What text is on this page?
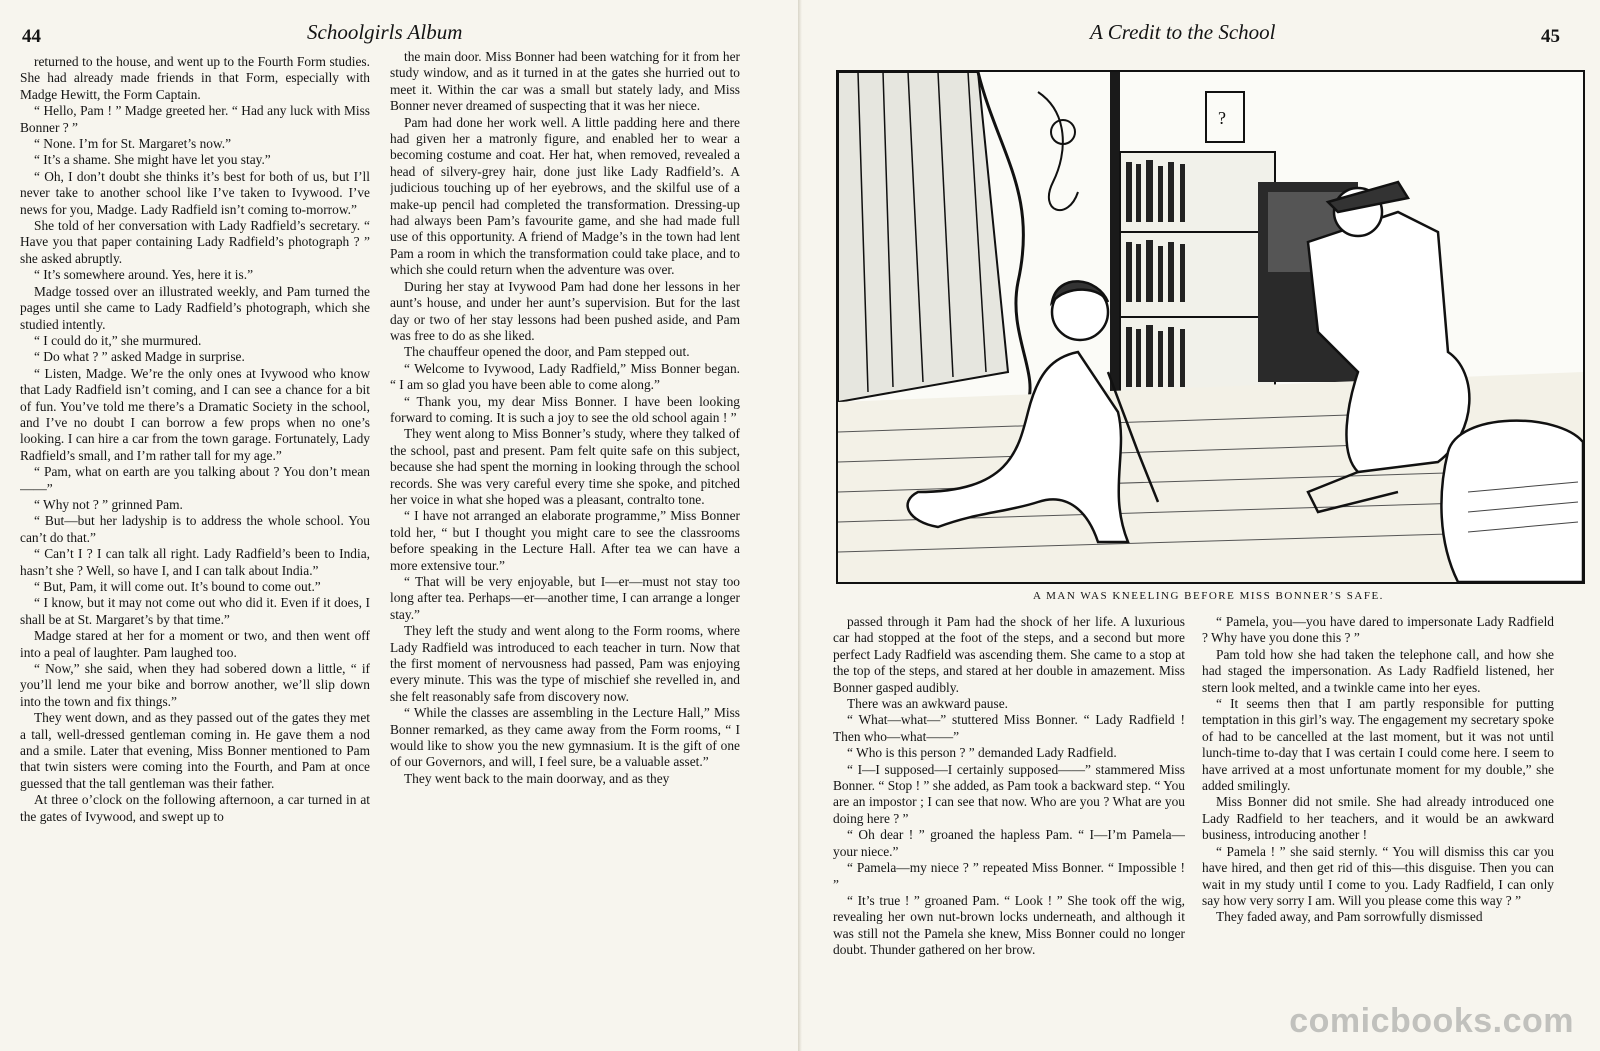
44	Schoolgirls Album

returned to the house, and went up to the Fourth Form studies. She had already made friends in that Form, especially with Madge Hewitt, the Form Captain.

“ Hello, Pam ! ” Madge greeted her. “ Had any luck with Miss Bonner ? ”

“ None. I’m for St. Margaret’s now.”

“ It’s a shame. She might have let you stay.”

“ Oh, I don’t doubt she thinks it’s best for both of us, but I’ll never take to another school like I’ve taken to Ivywood. I’ve news for you, Madge. Lady Radfield isn’t coming to-morrow.”

She told of her conversation with Lady Radfield’s secretary. “ Have you that paper containing Lady Radfield’s photograph ? ” she asked abruptly.

“ It’s somewhere around. Yes, here it is.”

Madge tossed over an illustrated weekly, and Pam turned the pages until she came to Lady Radfield’s photograph, which she studied intently.

“ I could do it,” she murmured.

“ Do what ? ” asked Madge in surprise.

“ Listen, Madge. We’re the only ones at Ivywood who know that Lady Radfield isn’t coming, and I can see a chance for a bit of fun. You’ve told me there’s a Dramatic Society in the school, and I’ve no doubt I can borrow a few props when no one’s looking. I can hire a car from the town garage. Fortunately, Lady Radfield’s small, and I’m rather tall for my age.”

“ Pam, what on earth are you talking about ? You don’t mean——”

“ Why not ? ” grinned Pam.

“ But—but her ladyship is to address the whole school. You can’t do that.”

“ Can’t I ? I can talk all right. Lady Radfield’s been to India, hasn’t she ? Well, so have I, and I can talk about India.”

“ But, Pam, it will come out. It’s bound to come out.”

“ I know, but it may not come out who did it. Even if it does, I shall be at St. Margaret’s by that time.”

Madge stared at her for a moment or two, and then went off into a peal of laughter. Pam laughed too.

“ Now,” she said, when they had sobered down a little, “ if you’ll lend me your bike and borrow another, we’ll slip down into the town and fix things.”

They went down, and as they passed out of the gates they met a tall, well-dressed gentleman coming in. He gave them a nod and a smile. Later that evening, Miss Bonner mentioned to Pam that twin sisters were coming into the Fourth, and Pam at once guessed that the tall gentleman was their father.

At three o’clock on the following afternoon, a car turned in at the gates of Ivywood, and swept up to

the main door. Miss Bonner had been watching for it from her study window, and as it turned in at the gates she hurried out to meet it. Within the car was a small but stately lady, and Miss Bonner never dreamed of suspecting that it was her niece.

Pam had done her work well. A little padding here and there had given her a matronly figure, and enabled her to wear a becoming costume and coat. Her hat, when removed, revealed a head of silvery-grey hair, done just like Lady Radfield’s. A judicious touching up of her eyebrows, and the skilful use of a make-up pencil had completed the transformation. Dressing-up had always been Pam’s favourite game, and she had made full use of this opportunity. A friend of Madge’s in the town had lent Pam a room in which the transformation could take place, and to which she could return when the adventure was over.

During her stay at Ivywood Pam had done her lessons in her aunt’s house, and under her aunt’s supervision. But for the last day or two of her stay lessons had been pushed aside, and Pam was free to do as she liked.

The chauffeur opened the door, and Pam stepped out.

“ Welcome to Ivywood, Lady Radfield,” Miss Bonner began. “ I am so glad you have been able to come along.”

“ Thank you, my dear Miss Bonner. I have been looking forward to coming. It is such a joy to see the old school again ! ”

They went along to Miss Bonner’s study, where they talked of the school, past and present. Pam felt quite safe on this subject, because she had spent the morning in looking through the school records. She was very careful every time she spoke, and pitched her voice in what she hoped was a pleasant, contralto tone.

“ I have not arranged an elaborate programme,” Miss Bonner told her, “ but I thought you might care to see the classrooms before speaking in the Lecture Hall. After tea we can have a more extensive tour.”

“ That will be very enjoyable, but I—er—must not stay too long after tea. Perhaps—er—another time, I can arrange a longer stay.”

They left the study and went along to the Form rooms, where Lady Radfield was introduced to each teacher in turn. Now that the first moment of nervousness had passed, Pam was enjoying every minute. This was the type of mischief she revelled in, and she felt reasonably safe from discovery now.

“ While the classes are assembling in the Lecture Hall,” Miss Bonner remarked, as they came away from the Form rooms, “ I would like to show you the new gymnasium. It is the gift of one of our Governors, and will, I feel sure, be a valuable asset.”

They went back to the main doorway, and as they

A Credit to the School	45
?
A MAN WAS KNEELING BEFORE MISS BONNER’S SAFE.

passed through it Pam had the shock of her life. A luxurious car had stopped at the foot of the steps, and a second but more perfect Lady Radfield was ascending them. She came to a stop at the top of the steps, and stared at her double in amazement. Miss Bonner gasped audibly.

There was an awkward pause.

“ What—what—” stuttered Miss Bonner. “ Lady Radfield ! Then who—what——”

“ Who is this person ? ” demanded Lady Radfield.

“ I—I supposed—I certainly supposed——” stammered Miss Bonner. “ Stop ! ” she added, as Pam took a backward step. “ You are an impostor ; I can see that now. Who are you ? What are you doing here ? ”

“ Oh dear ! ” groaned the hapless Pam. “ I—I’m Pamela—your niece.”

“ Pamela—my niece ? ” repeated Miss Bonner. “ Impossible ! ”

“ It’s true ! ” groaned Pam. “ Look ! ” She took off the wig, revealing her own nut-brown locks underneath, and although it was still not the Pamela she knew, Miss Bonner could no longer doubt. Thunder gathered on her brow.

“ Pamela, you—you have dared to impersonate Lady Radfield ? Why have you done this ? ”

Pam told how she had taken the telephone call, and how she had staged the impersonation. As Lady Radfield listened, her stern look melted, and a twinkle came into her eyes.

“ It seems then that I am partly responsible for putting temptation in this girl’s way. The engagement my secretary spoke of had to be cancelled at the last moment, but it was not until lunch-time to-day that I was certain I could come here. I seem to have arrived at a most unfortunate moment for my double,” she added smilingly.

Miss Bonner did not smile. She had already introduced one Lady Radfield to her teachers, and it would be an awkward business, introducing another !

“ Pamela ! ” she said sternly. “ You will dismiss this car you have hired, and then get rid of this—this disguise. Then you can wait in my study until I come to you. Lady Radfield, I can only say how very sorry I am. Will you please come this way ? ”

They faded away, and Pam sorrowfully dismissed

comicbooks.com
